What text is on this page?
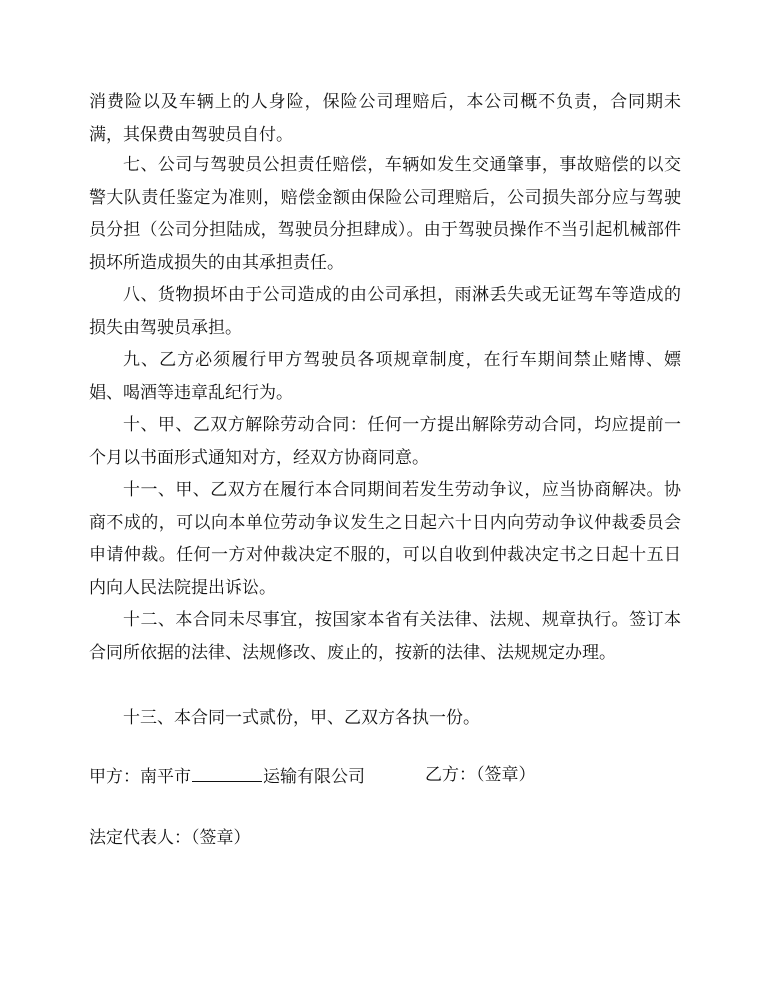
消费险以及车辆上的人身险，保险公司理赔后，本公司概不负责，合同期未满，其保费由驾驶员自付。

七、公司与驾驶员公担责任赔偿，车辆如发生交通肇事，事故赔偿的以交警大队责任鉴定为准则，赔偿金额由保险公司理赔后，公司损失部分应与驾驶员分担（公司分担陆成，驾驶员分担肆成）。由于驾驶员操作不当引起机械部件损坏所造成损失的由其承担责任。

八、货物损坏由于公司造成的由公司承担，雨淋丢失或无证驾车等造成的损失由驾驶员承担。

九、乙方必须履行甲方驾驶员各项规章制度，在行车期间禁止赌博、嫖娼、喝酒等违章乱纪行为。

十、甲、乙双方解除劳动合同：任何一方提出解除劳动合同，均应提前一个月以书面形式通知对方，经双方协商同意。

十一、甲、乙双方在履行本合同期间若发生劳动争议，应当协商解决。协商不成的，可以向本单位劳动争议发生之日起六十日内向劳动争议仲裁委员会申请仲裁。任何一方对仲裁决定不服的，可以自收到仲裁决定书之日起十五日内向人民法院提出诉讼。

十二、本合同未尽事宜，按国家本省有关法律、法规、规章执行。签订本合同所依据的法律、法规修改、废止的，按新的法律、法规规定办理。

十三、本合同一式贰份，甲、乙双方各执一份。

甲方：南平市	运输有限公司	乙方：（签章）
法定代表人：（签章）
